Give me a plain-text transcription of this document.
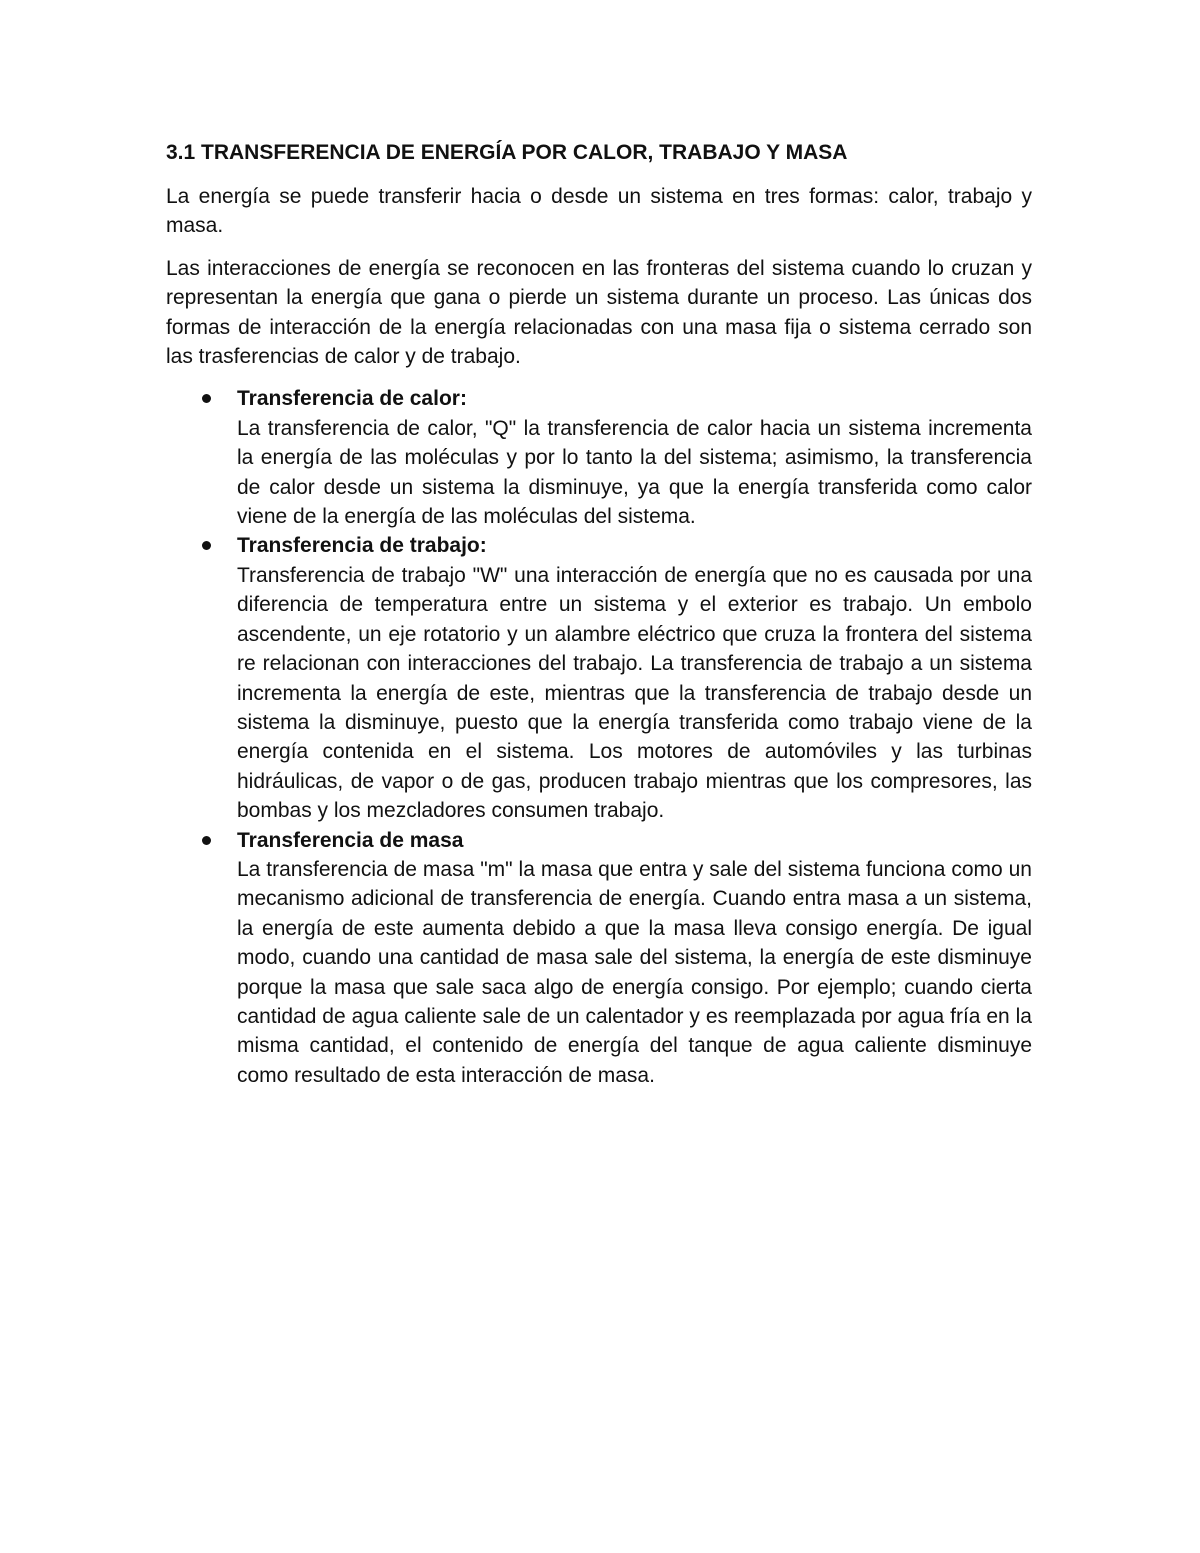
3.1 TRANSFERENCIA DE ENERGÍA POR CALOR, TRABAJO Y MASA

La energía se puede transferir hacia o desde un sistema en tres formas: calor, trabajo y masa.

Las interacciones de energía se reconocen en las fronteras del sistema cuando lo cruzan y representan la energía que gana o pierde un sistema durante un proceso. Las únicas dos formas de interacción de la energía relacionadas con una masa fija o sistema cerrado son las trasferencias de calor y de trabajo.

Transferencia de calor:

La transferencia de calor, "Q" la transferencia de calor hacia un sistema incrementa la energía de las moléculas y por lo tanto la del sistema; asimismo, la transferencia de calor desde un sistema la disminuye, ya que la energía transferida como calor viene de la energía de las moléculas del sistema.

Transferencia de trabajo:

Transferencia de trabajo "W" una interacción de energía que no es causada por una diferencia de temperatura entre un sistema y el exterior es trabajo. Un embolo ascendente, un eje rotatorio y un alambre eléctrico que cruza la frontera del sistema re relacionan con interacciones del trabajo. La transferencia de trabajo a un sistema incrementa la energía de este, mientras que la transferencia de trabajo desde un sistema la disminuye, puesto que la energía transferida como trabajo viene de la energía contenida en el sistema. Los motores de automóviles y las turbinas hidráulicas, de vapor o de gas, producen trabajo mientras que los compresores, las bombas y los mezcladores consumen trabajo.

Transferencia de masa

La transferencia de masa "m" la masa que entra y sale del sistema funciona como un mecanismo adicional de transferencia de energía. Cuando entra masa a un sistema, la energía de este aumenta debido a que la masa lleva consigo energía. De igual modo, cuando una cantidad de masa sale del sistema, la energía de este disminuye porque la masa que sale saca algo de energía consigo. Por ejemplo; cuando cierta cantidad de agua caliente sale de un calentador y es reemplazada por agua fría en la misma cantidad, el contenido de energía del tanque de agua caliente disminuye como resultado de esta interacción de masa.
